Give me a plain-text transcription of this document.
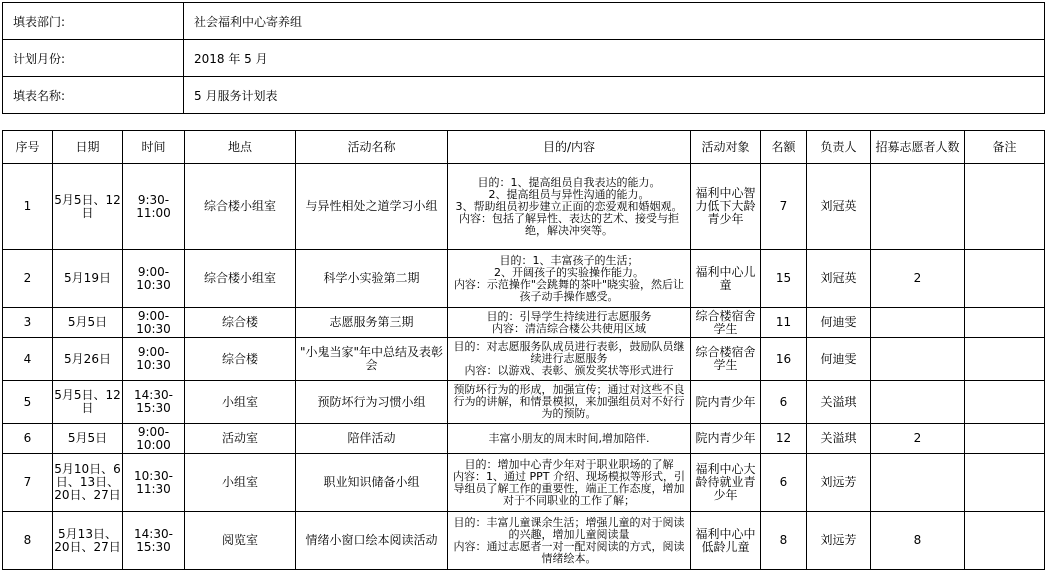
填表部门:	社会福利中心寄养组
计划月份:	2018 年 5 月
填表名称:	5 月服务计划表
序号	日期	时间	地点	活动名称	目的/内容	活动对象	名额	负责人	招募志愿者人数	备注
1	5月5日、12日	9:30-11:00	综合楼小组室	与异性相处之道学习小组	目的：1、提高组员自我表达的能力。
2、提高组员与异性沟通的能力。
3、帮助组员初步建立正面的恋爱观和婚姻观。
内容：包括了解异性、表达的艺术、接受与拒绝，解决冲突等。	福利中心智力低下大龄青少年	7	刘冠英		
2	5月19日	9:00-10:30	综合楼小组室	科学小实验第二期	目的：1、丰富孩子的生活；
2、开阔孩子的实验操作能力。
内容：示范操作"会跳舞的茶叶"晓实验，然后让孩子动手操作感受。	福利中心儿童	15	刘冠英	2	
3	5月5日	9:00-10:30	综合楼	志愿服务第三期	目的：引导学生持续进行志愿服务
内容：清洁综合楼公共使用区域	综合楼宿舍学生	11	何迪雯		
4	5月26日	9:00-10:30	综合楼	"小鬼当家"年中总结及表彰会	目的：对志愿服务队成员进行表彰，鼓励队员继续进行志愿服务
内容：以游戏、表彰、颁发奖状等形式进行	综合楼宿舍学生	16	何迪雯		
5	5月5日、12日	14:30-15:30	小组室	预防坏行为习惯小组	预防坏行为的形成，加强宣传；通过对这些不良行为的讲解，和情景模拟，来加强组员对不好行为的预防。	院内青少年	6	关溢琪		
6	5月5日	9:00-10:00	活动室	陪伴活动	丰富小朋友的周末时间,增加陪伴.	院内青少年	12	关溢琪	2	
7	5月10日、6日、13日、20日、27日	10:30-11:30	小组室	职业知识储备小组	目的：增加中心青少年对于职业职场的了解
内容：1、通过 PPT 介绍、现场模拟等形式，引导组员了解工作的重要性，端正工作态度，增加对于不同职业的工作了解；	福利中心大龄待就业青少年	6	刘远芳		
8	5月13日、20日、27日	14:30-15:30	阅览室	情绪小窗口绘本阅读活动	目的：丰富儿童课余生活；增强儿童的对于阅读的兴趣，增加儿童阅读量
内容：通过志愿者一对一配对阅读的方式，阅读情绪绘本。	福利中心中低龄儿童	8	刘远芳	8	
